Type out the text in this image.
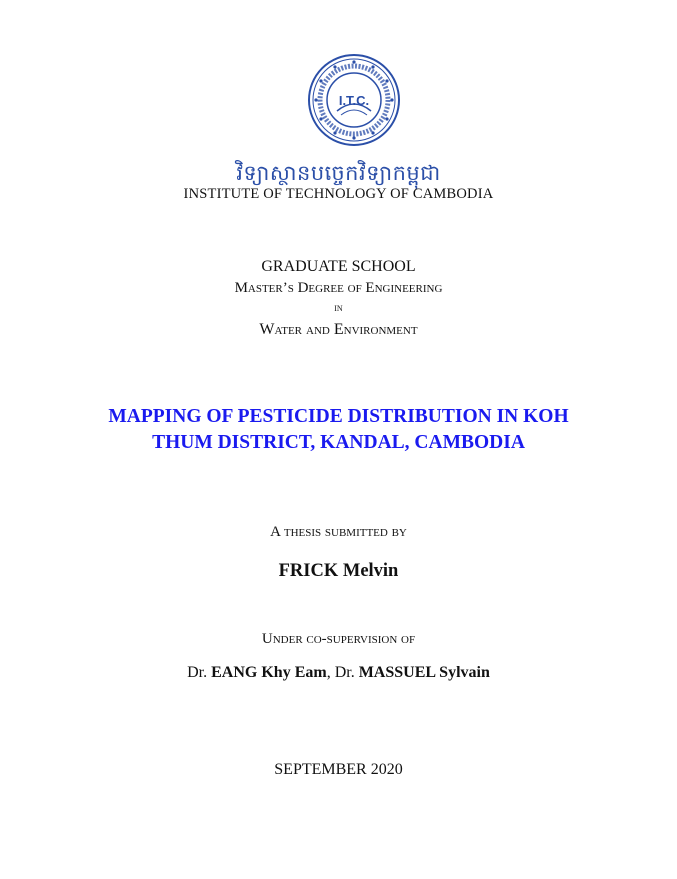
I.T.C.
វិទ្យាស្ថានបច្ចេកវិទ្យាកម្ពុជា
INSTITUTE OF TECHNOLOGY OF CAMBODIA
GRADUATE SCHOOL
Master’s Degree of Engineering
in
Water and Environment
MAPPING OF PESTICIDE DISTRIBUTION IN KOH
THUM DISTRICT, KANDAL, CAMBODIA
A thesis submitted by
FRICK Melvin
Under co-supervision of
Dr. EANG Khy Eam, Dr. MASSUEL Sylvain
SEPTEMBER 2020
